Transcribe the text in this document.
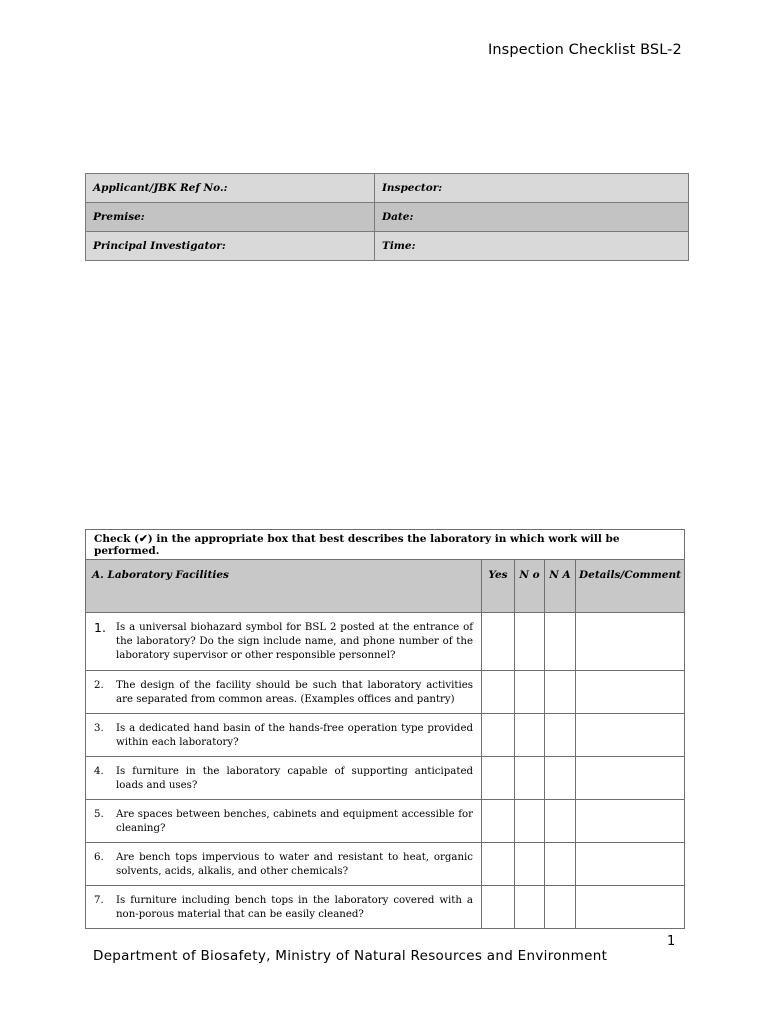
Inspection Checklist BSL-2
Applicant/JBK Ref No.:	Inspector:
Premise:	Date:
Principal Investigator:	Time:
Check (✔) in the appropriate box that best describes the laboratory in which work will be performed.				
A. Laboratory Facilities	Yes	N o	N A	Details/Comment

1. Is a universal biohazard symbol for BSL 2 posted at the entrance of the laboratory? Do the sign include name, and phone number of the laboratory supervisor or other responsible personnel?				

2. The design of the facility should be such that laboratory activities are separated from common areas. (Examples offices and pantry)				

3. Is a dedicated hand basin of the hands-free operation type provided within each laboratory?				

4. Is furniture in the laboratory capable of supporting anticipated loads and uses?				

5. Are spaces between benches, cabinets and equipment accessible for cleaning?				

6. Are bench tops impervious to water and resistant to heat, organic solvents, acids, alkalis, and other chemicals?				

7. Is furniture including bench tops in the laboratory covered with a non-porous material that can be easily cleaned?				

1
Department of Biosafety, Ministry of Natural Resources and Environment
